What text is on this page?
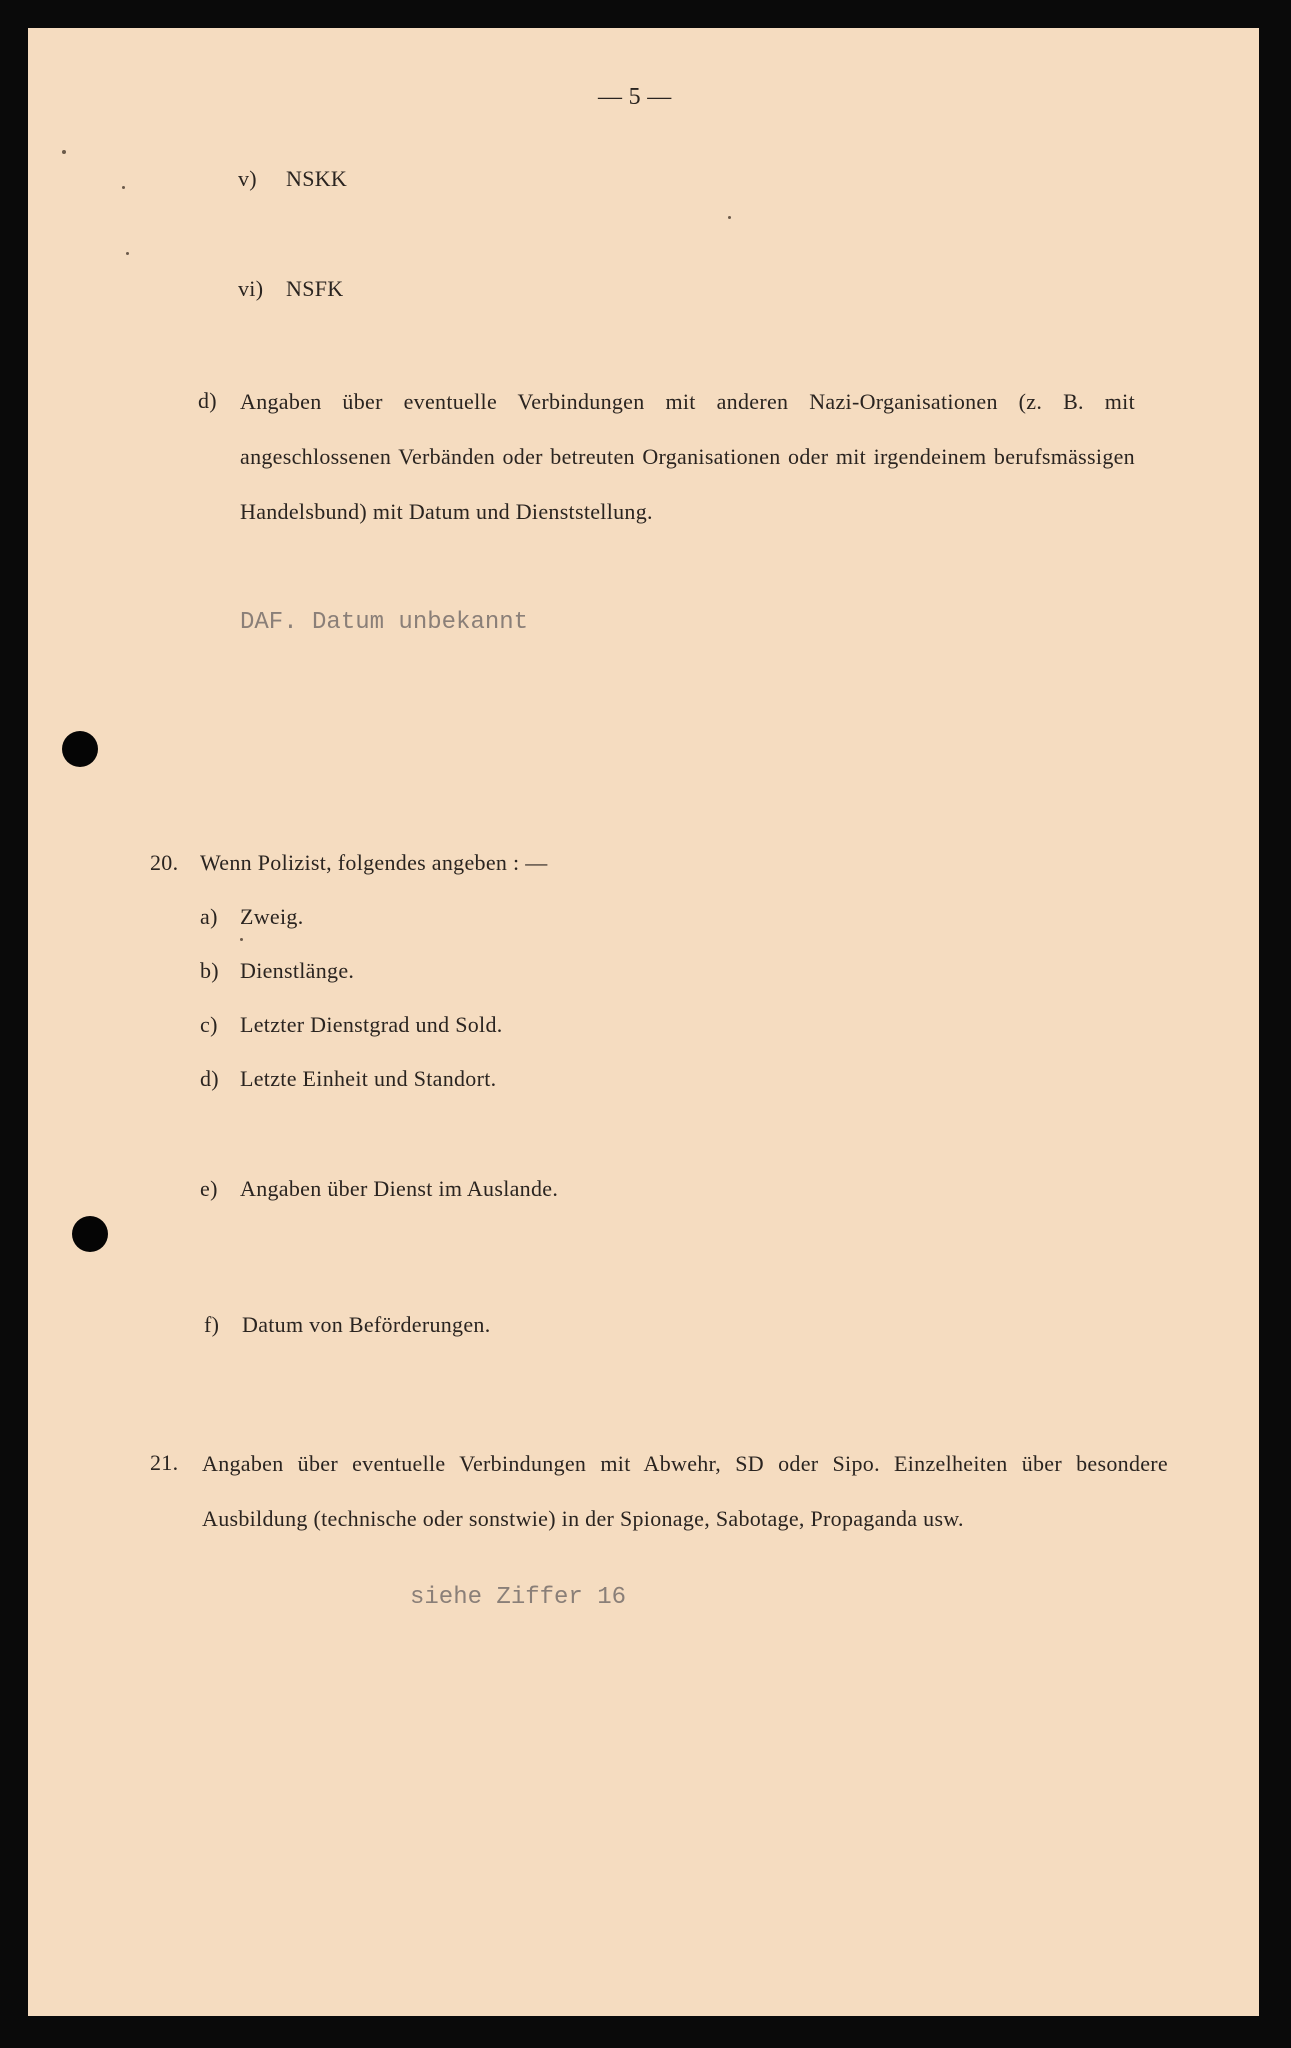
— 5 —
v) NSKK
vi) NSFK
d) Angaben über eventuelle Verbindungen mit anderen Nazi-Organisationen (z. B. mit angeschlossenen Verbänden oder betreuten Organisationen oder mit irgendeinem berufsmässigen Handelsbund) mit Datum und Dienststellung.
DAF. Datum unbekannt
20. Wenn Polizist, folgendes angeben : —
a) Zweig.
b) Dienstlänge.
c) Letzter Dienstgrad und Sold.
d) Letzte Einheit und Standort.
e) Angaben über Dienst im Auslande.
f) Datum von Beförderungen.
21. Angaben über eventuelle Verbindungen mit Abwehr, SD oder Sipo. Einzelheiten über besondere Ausbildung (technische oder sonstwie) in der Spionage, Sabotage, Propaganda usw.
siehe Ziffer 16
